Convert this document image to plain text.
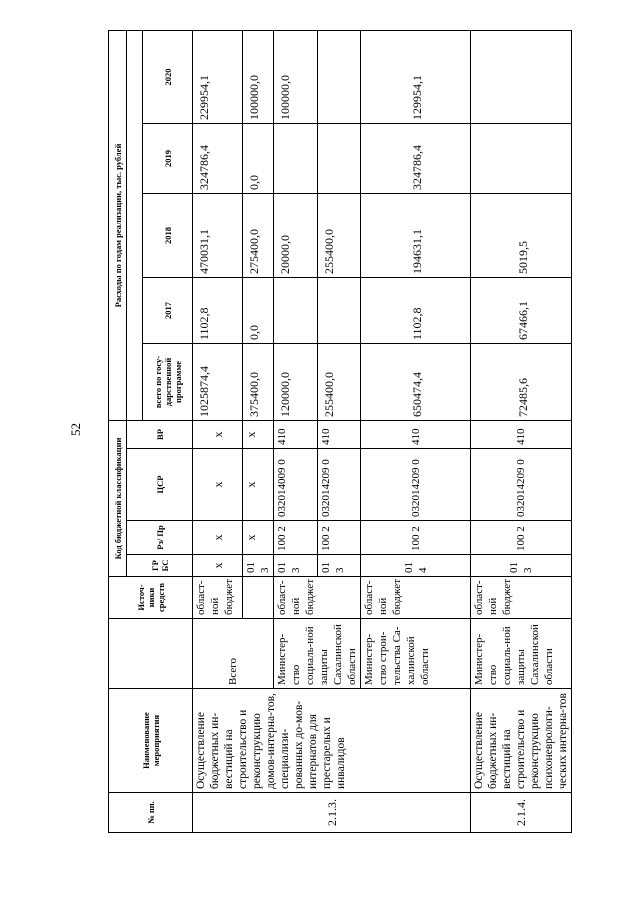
52
№ пп.	Наименование мероприятия		Источ-ники средств	Код бюджетной классификации				Расходы по годам реализации, тыс. рублей				
				ГР БС	Рз/ Пр	ЦСР	ВР					
								всего по госу-дарственной программе	2017	2018	2019	2020
2.1.3.	Осуществление бюджетных ин-вестиций на строительство и реконструкцию домов-интерна-тов, специализи-рованных до-мов-интернатов для престарелых и инвалидов	Всего	област-ной бюджет	х	х	х	х	1025874,4	1102,8	470031,1	324786,4	229954,1
				01 3	х	х	х	375400,0	0,0	275400,0	0,0	100000,0
		Министер-ство социаль-ной защиты Сахалинской области	област-ной бюджет	01 3	100 2	032014009 0	410	120000,0		20000,0		100000,0
				01 3	100 2	032014209 0	410	255400,0		255400,0		
		Министер-ство строи-тельства Са-халинской области	област-ной бюджет	01 4	100 2	032014209 0	410	650474,4	1102,8	194631,1	324786,4	129954,1
2.1.4.	Осуществление бюджетных ин-вестиций на строительство и реконструкцию психоневрологи-ческих интерна-тов	Министер-ство социаль-ной защиты Сахалинской области	област-ной бюджет	01 3	100 2	032014209 0	410	72485,6	67466,1	5019,5		
